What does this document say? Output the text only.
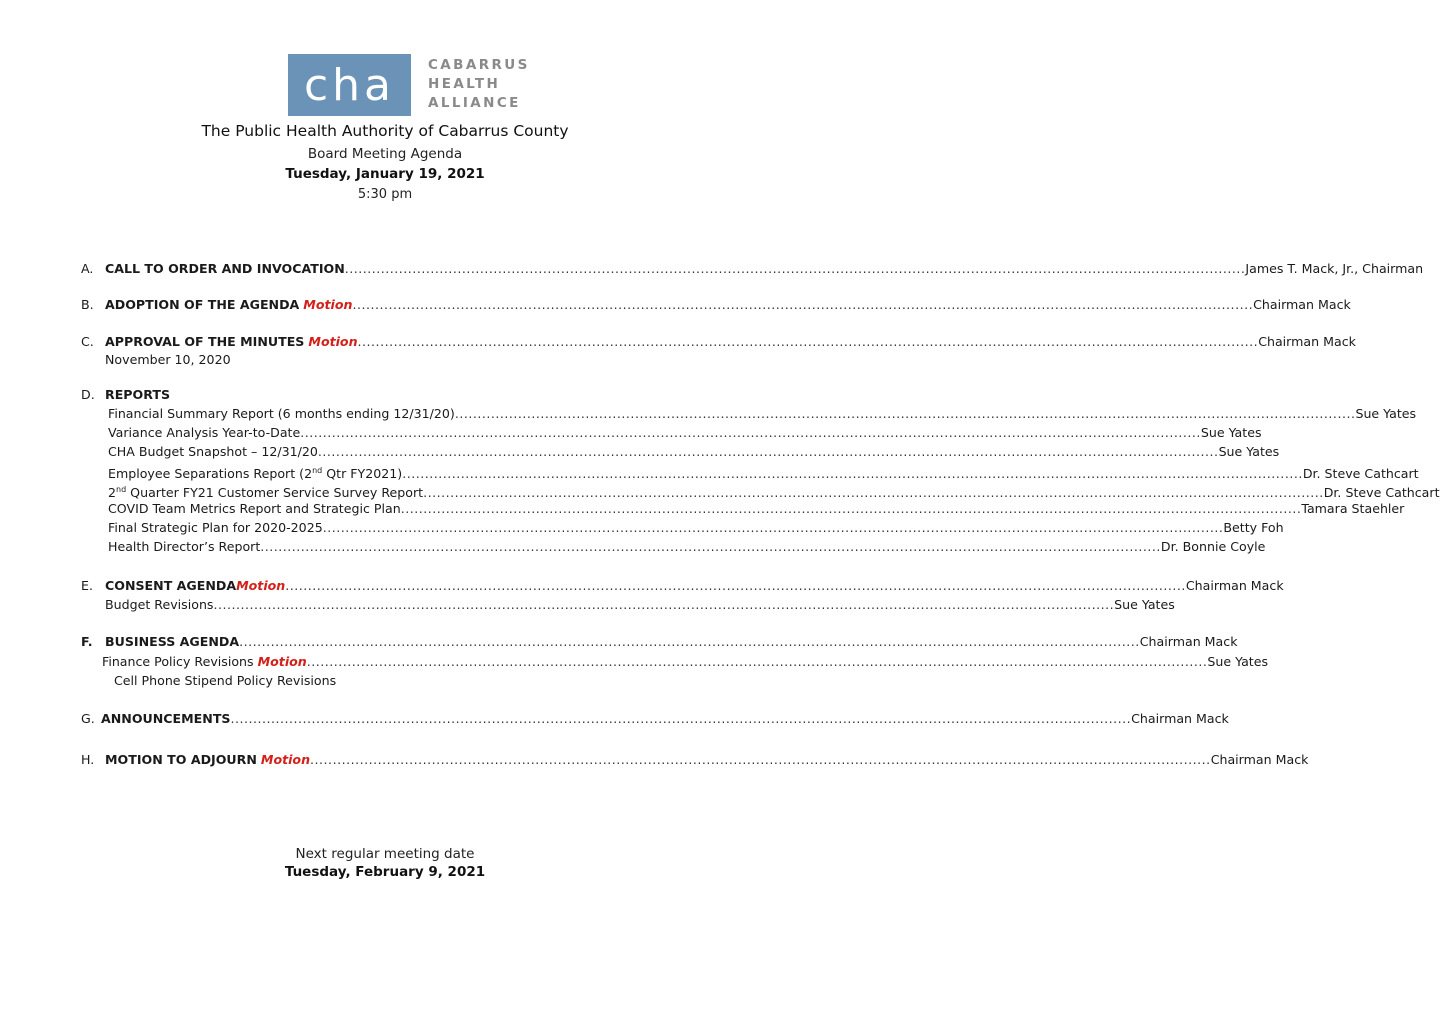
cha	CABARRUS
HEALTH
ALLIANCE
The Public Health Authority of Cabarrus County
Board Meeting Agenda
Tuesday, January 19, 2021
5:30 pm
A. CALL TO ORDER AND INVOCATION ........................................................................................................................................................................................................ James T. Mack, Jr., Chairman
B. ADOPTION OF THE AGENDA Motion ........................................................................................................................................................................................................ Chairman Mack
C. APPROVAL OF THE MINUTES Motion ........................................................................................................................................................................................................ Chairman Mack
November 10, 2020
D. REPORTS
Financial Summary Report (6 months ending 12/31/20) ........................................................................................................................................................................................................ Sue Yates
Variance Analysis Year-to-Date ........................................................................................................................................................................................................ Sue Yates
CHA Budget Snapshot – 12/31/20 ........................................................................................................................................................................................................ Sue Yates
Employee Separations Report (2nd Qtr FY2021) ........................................................................................................................................................................................................ Dr. Steve Cathcart
2nd Quarter FY21 Customer Service Survey Report ........................................................................................................................................................................................................ Dr. Steve Cathcart
COVID Team Metrics Report and Strategic Plan ........................................................................................................................................................................................................ Tamara Staehler
Final Strategic Plan for 2020-2025 ........................................................................................................................................................................................................ Betty Foh
Health Director’s Report ........................................................................................................................................................................................................ Dr. Bonnie Coyle
E. CONSENT AGENDAMotion ........................................................................................................................................................................................................ Chairman Mack
Budget Revisions ........................................................................................................................................................................................................ Sue Yates
F. BUSINESS AGENDA ........................................................................................................................................................................................................ Chairman Mack
Finance Policy Revisions Motion ........................................................................................................................................................................................................ Sue Yates
Cell Phone Stipend Policy Revisions
G. ANNOUNCEMENTS ........................................................................................................................................................................................................ Chairman Mack
H. MOTION TO ADJOURN Motion ........................................................................................................................................................................................................ Chairman Mack
Next regular meeting date
Tuesday, February 9, 2021
